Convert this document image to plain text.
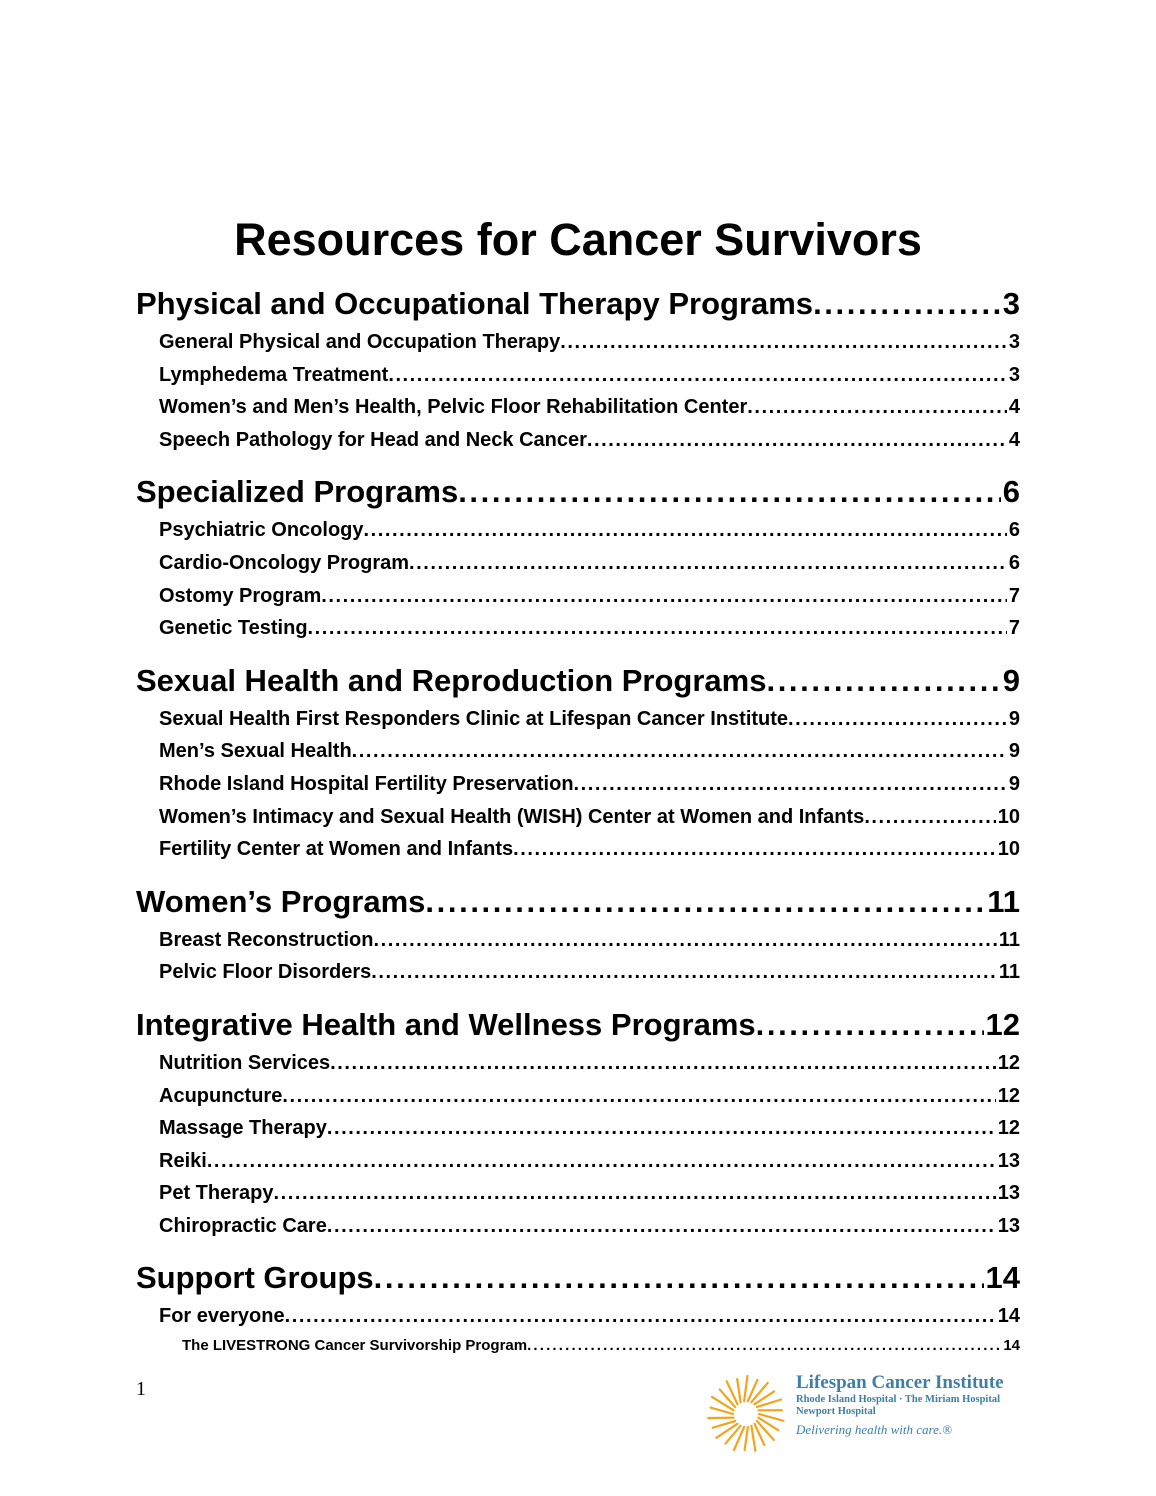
Resources for Cancer Survivors
Physical and Occupational Therapy Programs . . .	3
General Physical and Occupation Therapy . . .	3
Lymphedema Treatment . . .	3
Women’s and Men’s Health, Pelvic Floor Rehabilitation Center . . .	4
Speech Pathology for Head and Neck Cancer . . .	4
Specialized Programs . . .	6
Psychiatric Oncology . . .	6
Cardio-Oncology Program . . .	6
Ostomy Program . . .	7
Genetic Testing . . .	7
Sexual Health and Reproduction Programs . . .	9
Sexual Health First Responders Clinic at Lifespan Cancer Institute . . .	9
Men’s Sexual Health . . .	9
Rhode Island Hospital Fertility Preservation . . .	9
Women’s Intimacy and Sexual Health (WISH) Center at Women and Infants . . .	10
Fertility Center at Women and Infants . . .	10
Women’s Programs . . .	11
Breast Reconstruction . . .	11
Pelvic Floor Disorders . . .	11
Integrative Health and Wellness Programs . . .	12
Nutrition Services . . .	12
Acupuncture . . .	12
Massage Therapy . . .	12
Reiki . . .	13
Pet Therapy . . .	13
Chiropractic Care . . .	13
Support Groups . . .	14
For everyone . . .	14
The LIVESTRONG Cancer Survivorship Program . . .	14
1	Lifespan Cancer Institute
Rhode Island Hospital · The Miriam Hospital
Newport Hospital
Delivering health with care.®
